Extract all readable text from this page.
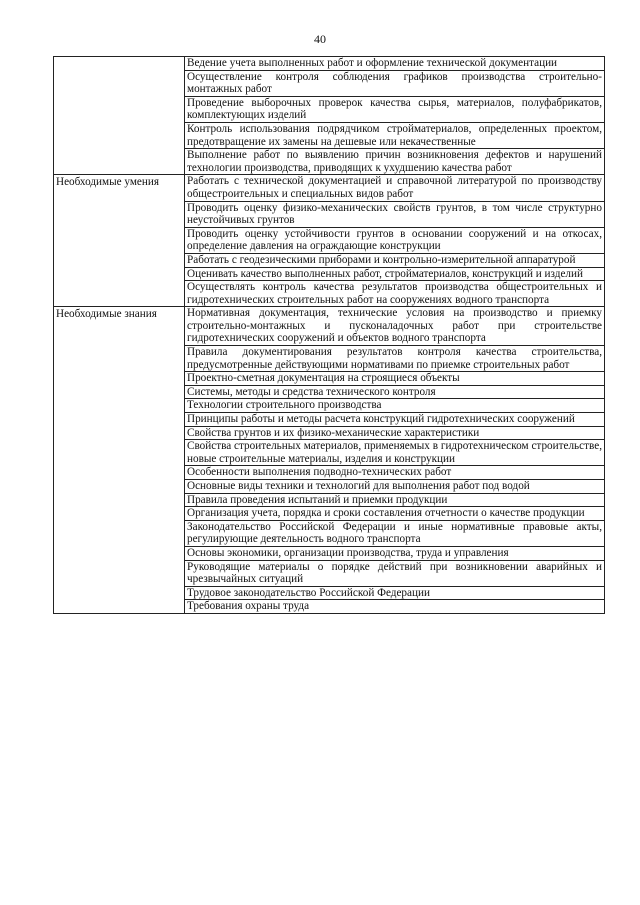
40
	Ведение учета выполненных работ и оформление технической документации
	Осуществление контроля соблюдения графиков производства строительно-монтажных работ
	Проведение выборочных проверок качества сырья, материалов, полуфабрикатов, комплектующих изделий
	Контроль использования подрядчиком стройматериалов, определенных проектом, предотвращение их замены на дешевые или некачественные
	Выполнение работ по выявлению причин возникновения дефектов и нарушений технологии производства, приводящих к ухудшению качества работ
Необходимые умения	Работать с технической документацией и справочной литературой по производству общестроительных и специальных видов работ
	Проводить оценку физико-механических свойств грунтов, в том числе структурно неустойчивых грунтов
	Проводить оценку устойчивости грунтов в основании сооружений и на откосах, определение давления на ограждающие конструкции
	Работать с геодезическими приборами и контрольно-измерительной аппаратурой
	Оценивать качество выполненных работ, стройматериалов, конструкций и изделий
	Осуществлять контроль качества результатов производства общестроительных и гидротехнических строительных работ на сооружениях водного транспорта
Необходимые знания	Нормативная документация, технические условия на производство и приемку строительно-монтажных и пусконаладочных работ при строительстве гидротехнических сооружений и объектов водного транспорта
	Правила документирования результатов контроля качества строительства, предусмотренные действующими нормативами по приемке строительных работ
	Проектно-сметная документация на строящиеся объекты
	Системы, методы и средства технического контроля
	Технологии строительного производства
	Принципы работы и методы расчета конструкций гидротехнических сооружений
	Свойства грунтов и их физико-механические характеристики
	Свойства строительных материалов, применяемых в гидротехническом строительстве, новые строительные материалы, изделия и конструкции
	Особенности выполнения подводно-технических работ
	Основные виды техники и технологий для выполнения работ под водой
	Правила проведения испытаний и приемки продукции
	Организация учета, порядка и сроки составления отчетности о качестве продукции
	Законодательство Российской Федерации и иные нормативные правовые акты, регулирующие деятельность водного транспорта
	Основы экономики, организации производства, труда и управления
	Руководящие материалы о порядке действий при возникновении аварийных и чрезвычайных ситуаций
	Трудовое законодательство Российской Федерации
	Требования охраны труда
